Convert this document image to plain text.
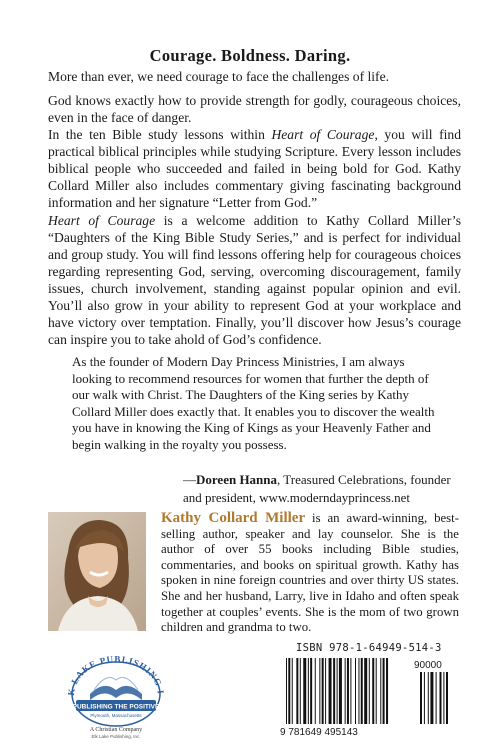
Courage. Boldness. Daring.

More than ever, we need courage to face the challenges of life.

God knows exactly how to provide strength for godly, courageous choices, even in the face of danger.

In the ten Bible study lessons within Heart of Courage, you will find practical biblical principles while studying Scripture. Every lesson includes biblical people who succeeded and failed in being bold for God. Kathy Collard Miller also includes commentary giving fascinating background information and her signature “Letter from God.”

Heart of Courage is a welcome addition to Kathy Collard Miller’s “Daughters of the King Bible Study Series,” and is perfect for individual and group study. You will find lessons offering help for courageous choices regarding representing God, serving, overcoming discouragement, family issues, church involvement, standing against popular opinion and evil. You’ll also grow in your ability to represent God at your workplace and have victory over temptation. Finally, you’ll discover how Jesus’s courage can inspire you to take ahold of God’s confidence.

As the founder of Modern Day Princess Ministries, I am always looking to recommend resources for women that further the depth of our walk with Christ. The Daughters of the King series by Kathy Collard Miller does exactly that. It enables you to discover the wealth you have in knowing the King of Kings as your Heavenly Father and begin walking in the royalty you possess.
—Doreen Hanna, Treasured Celebrations, founder and president, www.moderndayprincess.net
Kathy Collard Miller is an award-winning, best-selling author, speaker and lay counselor. She is the author of over 55 books including Bible studies, commentaries, and books on spiritual growth. Kathy has spoken in nine foreign countries and over thirty US states. She and her husband, Larry, live in Idaho and often speak together at couples’ events. She is the mom of two grown children and grandma to two.
K LAKE PUBLISHING I
PUBLISHING THE POSITIVE
Plymouth, Massachusetts
A Christian Company
Elk Lake Publishing, Inc.
ISBN 978-1-64949-514-3
9 781649 495143
90000
